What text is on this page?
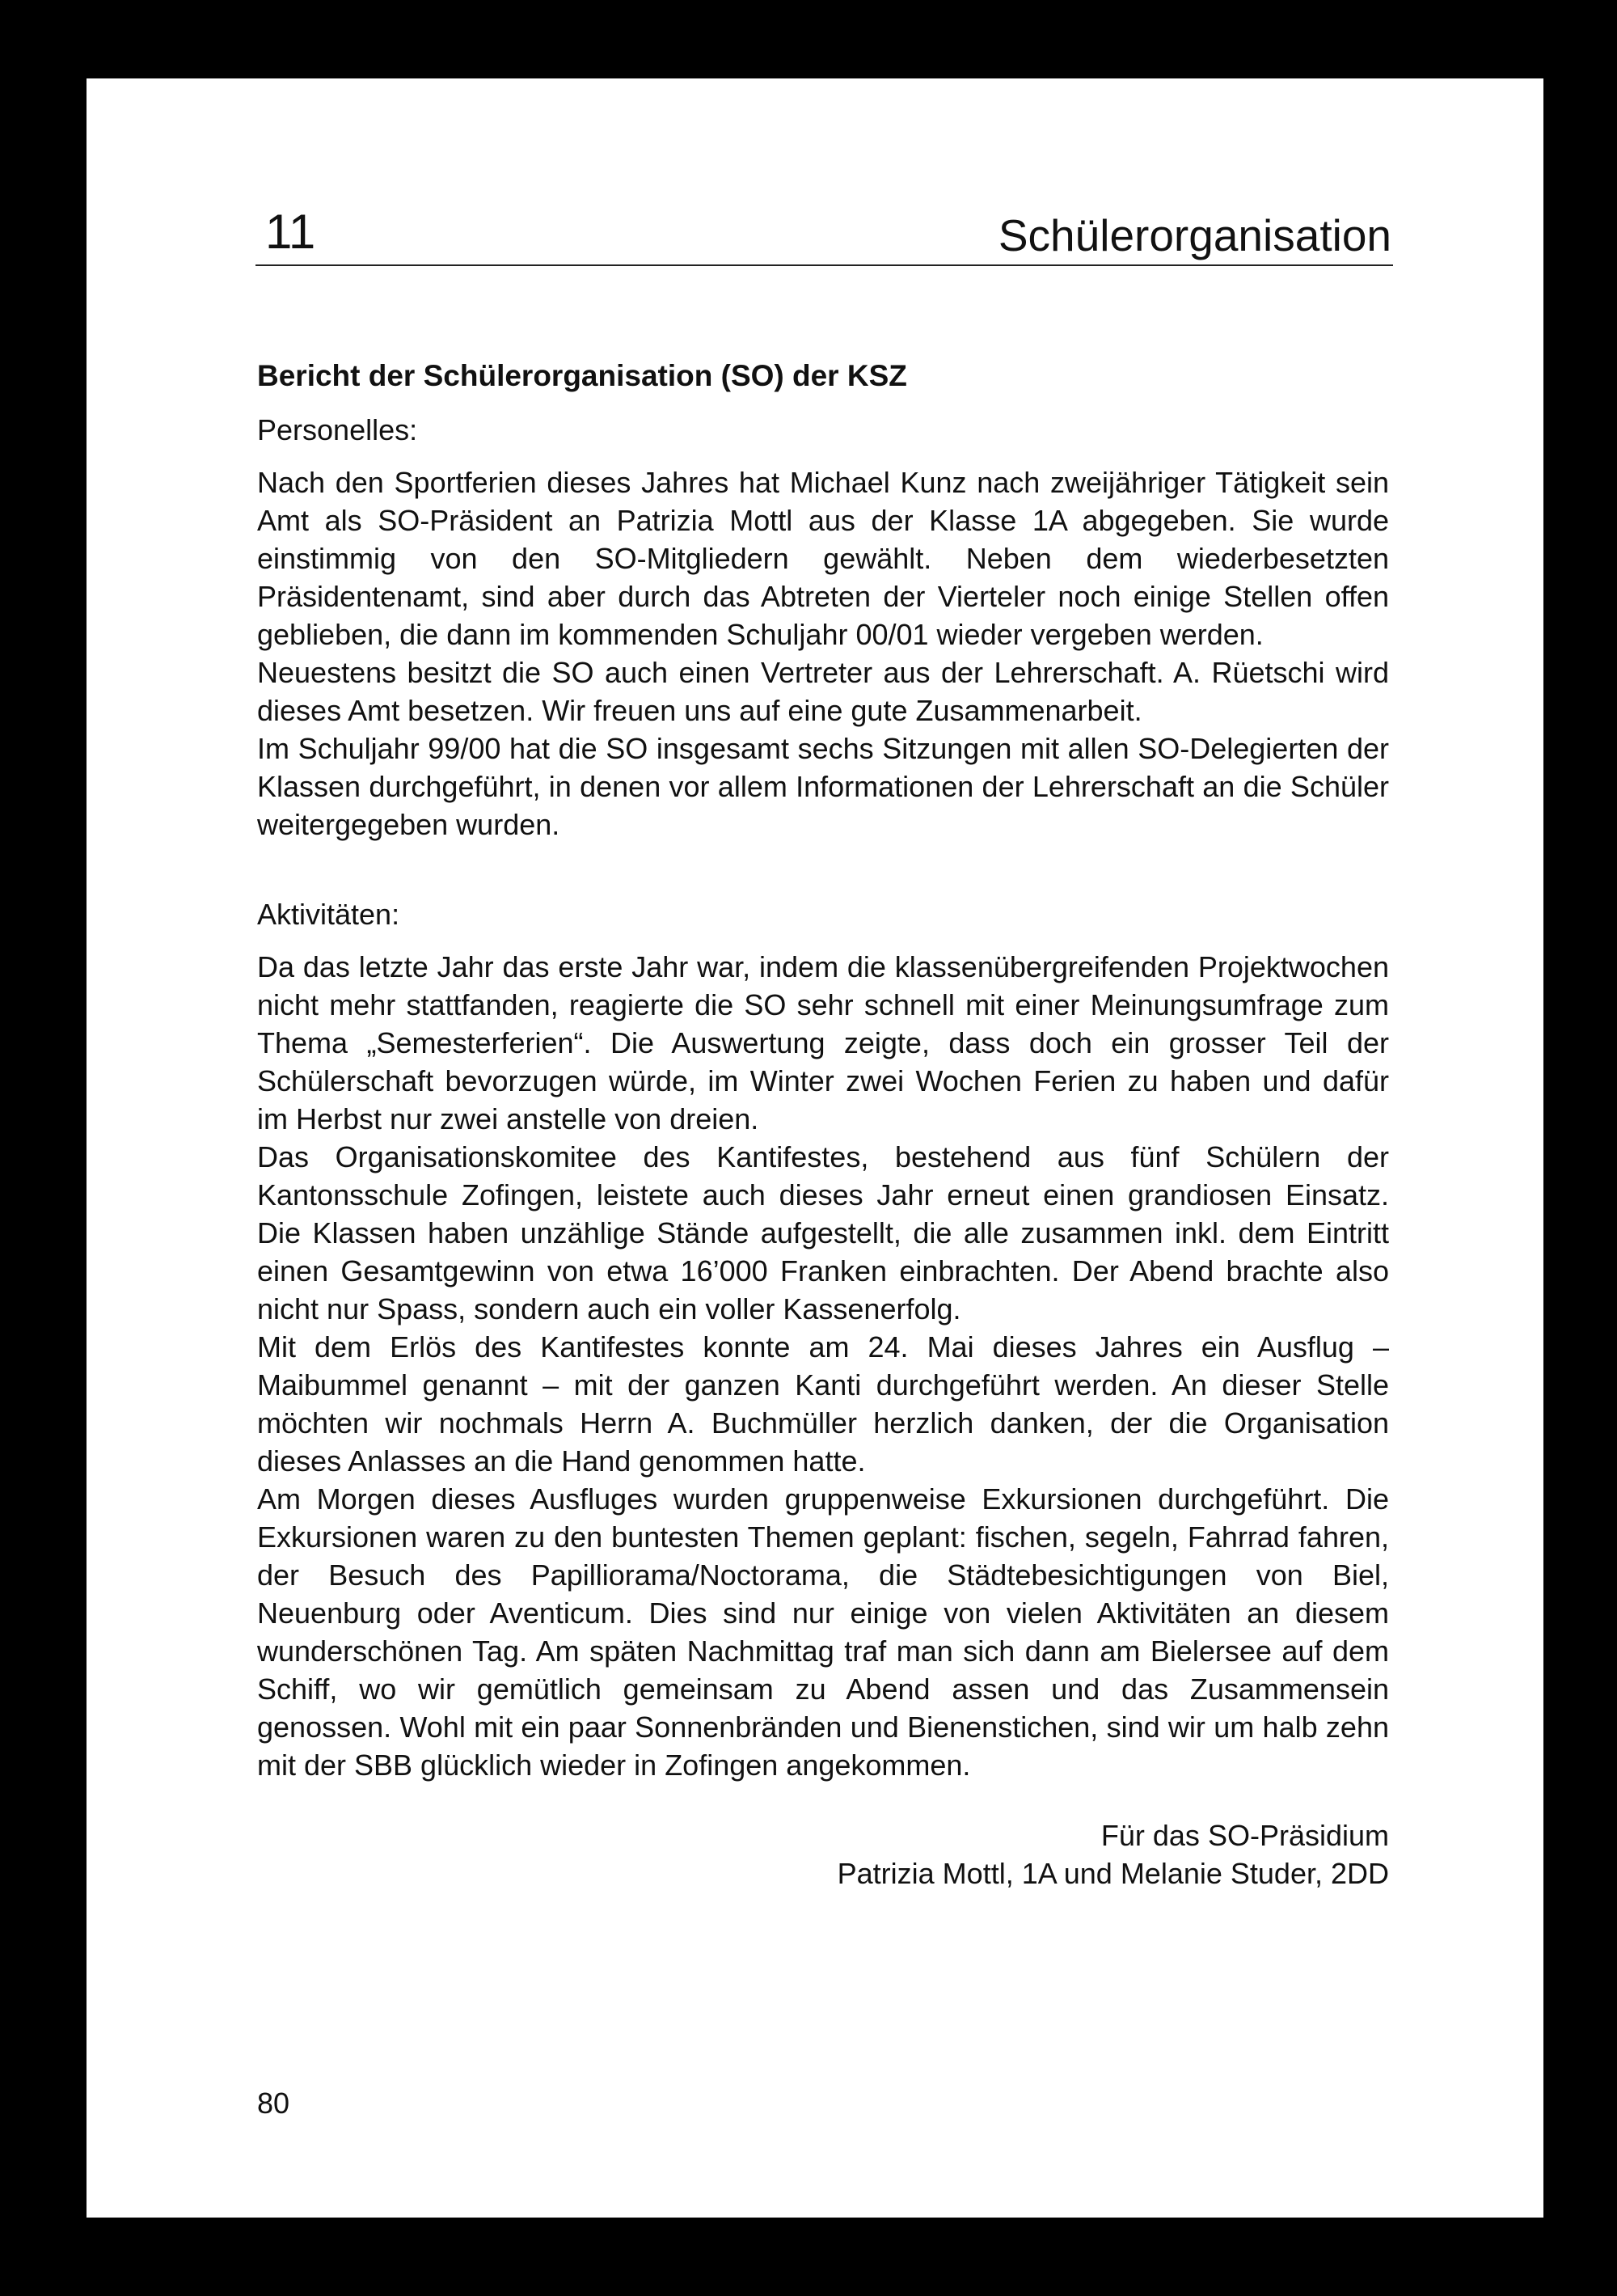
11	Schülerorganisation
Bericht der Schülerorganisation (SO) der KSZ
Personelles:

Nach den Sportferien dieses Jahres hat Michael Kunz nach zweijähriger Tätigkeit sein Amt als SO-Präsident an Patrizia Mottl aus der Klasse 1A abgegeben. Sie wurde einstimmig von den SO-Mitgliedern gewählt. Neben dem wiederbesetzten Präsidentenamt, sind aber durch das Abtreten der Vierteler noch einige Stellen offen geblieben, die dann im kommenden Schuljahr 00/01 wieder vergeben werden.

Neuestens besitzt die SO auch einen Vertreter aus der Lehrerschaft. A. Rüetschi wird dieses Amt besetzen. Wir freuen uns auf eine gute Zusammenarbeit.

Im Schuljahr 99/00 hat die SO insgesamt sechs Sitzungen mit allen SO-Delegierten der Klassen durchgeführt, in denen vor allem Informationen der Lehrerschaft an die Schüler weitergegeben wurden.

Aktivitäten:

Da das letzte Jahr das erste Jahr war, indem die klassenübergreifenden Projektwochen nicht mehr stattfanden, reagierte die SO sehr schnell mit einer Meinungsumfrage zum Thema „Semesterferien“. Die Auswertung zeigte, dass doch ein grosser Teil der Schülerschaft bevorzugen würde, im Winter zwei Wochen Ferien zu haben und dafür im Herbst nur zwei anstelle von dreien.

Das Organisationskomitee des Kantifestes, bestehend aus fünf Schülern der Kantonsschule Zofingen, leistete auch dieses Jahr erneut einen grandiosen Einsatz. Die Klassen haben unzählige Stände aufgestellt, die alle zusammen inkl. dem Eintritt einen Gesamtgewinn von etwa 16’000 Franken einbrachten. Der Abend brachte also nicht nur Spass, sondern auch ein voller Kassenerfolg.

Mit dem Erlös des Kantifestes konnte am 24. Mai dieses Jahres ein Ausflug – Maibummel genannt – mit der ganzen Kanti durchgeführt werden. An dieser Stelle möchten wir nochmals Herrn A. Buchmüller herzlich danken, der die Organisation dieses Anlasses an die Hand genommen hatte.

Am Morgen dieses Ausfluges wurden gruppenweise Exkursionen durchgeführt. Die Exkursionen waren zu den buntesten Themen geplant: fischen, segeln, Fahrrad fahren, der Besuch des Papilliorama/Noctorama, die Städtebesichtigungen von Biel, Neuenburg oder Aventicum. Dies sind nur einige von vielen Aktivitäten an diesem wunderschönen Tag. Am späten Nachmittag traf man sich dann am Bielersee auf dem Schiff, wo wir gemütlich gemeinsam zu Abend assen und das Zusammensein genossen. Wohl mit ein paar Sonnenbränden und Bienenstichen, sind wir um halb zehn mit der SBB glücklich wieder in Zofingen angekommen.

Für das SO-Präsidium
Patrizia Mottl, 1A und Melanie Studer, 2DD
80
